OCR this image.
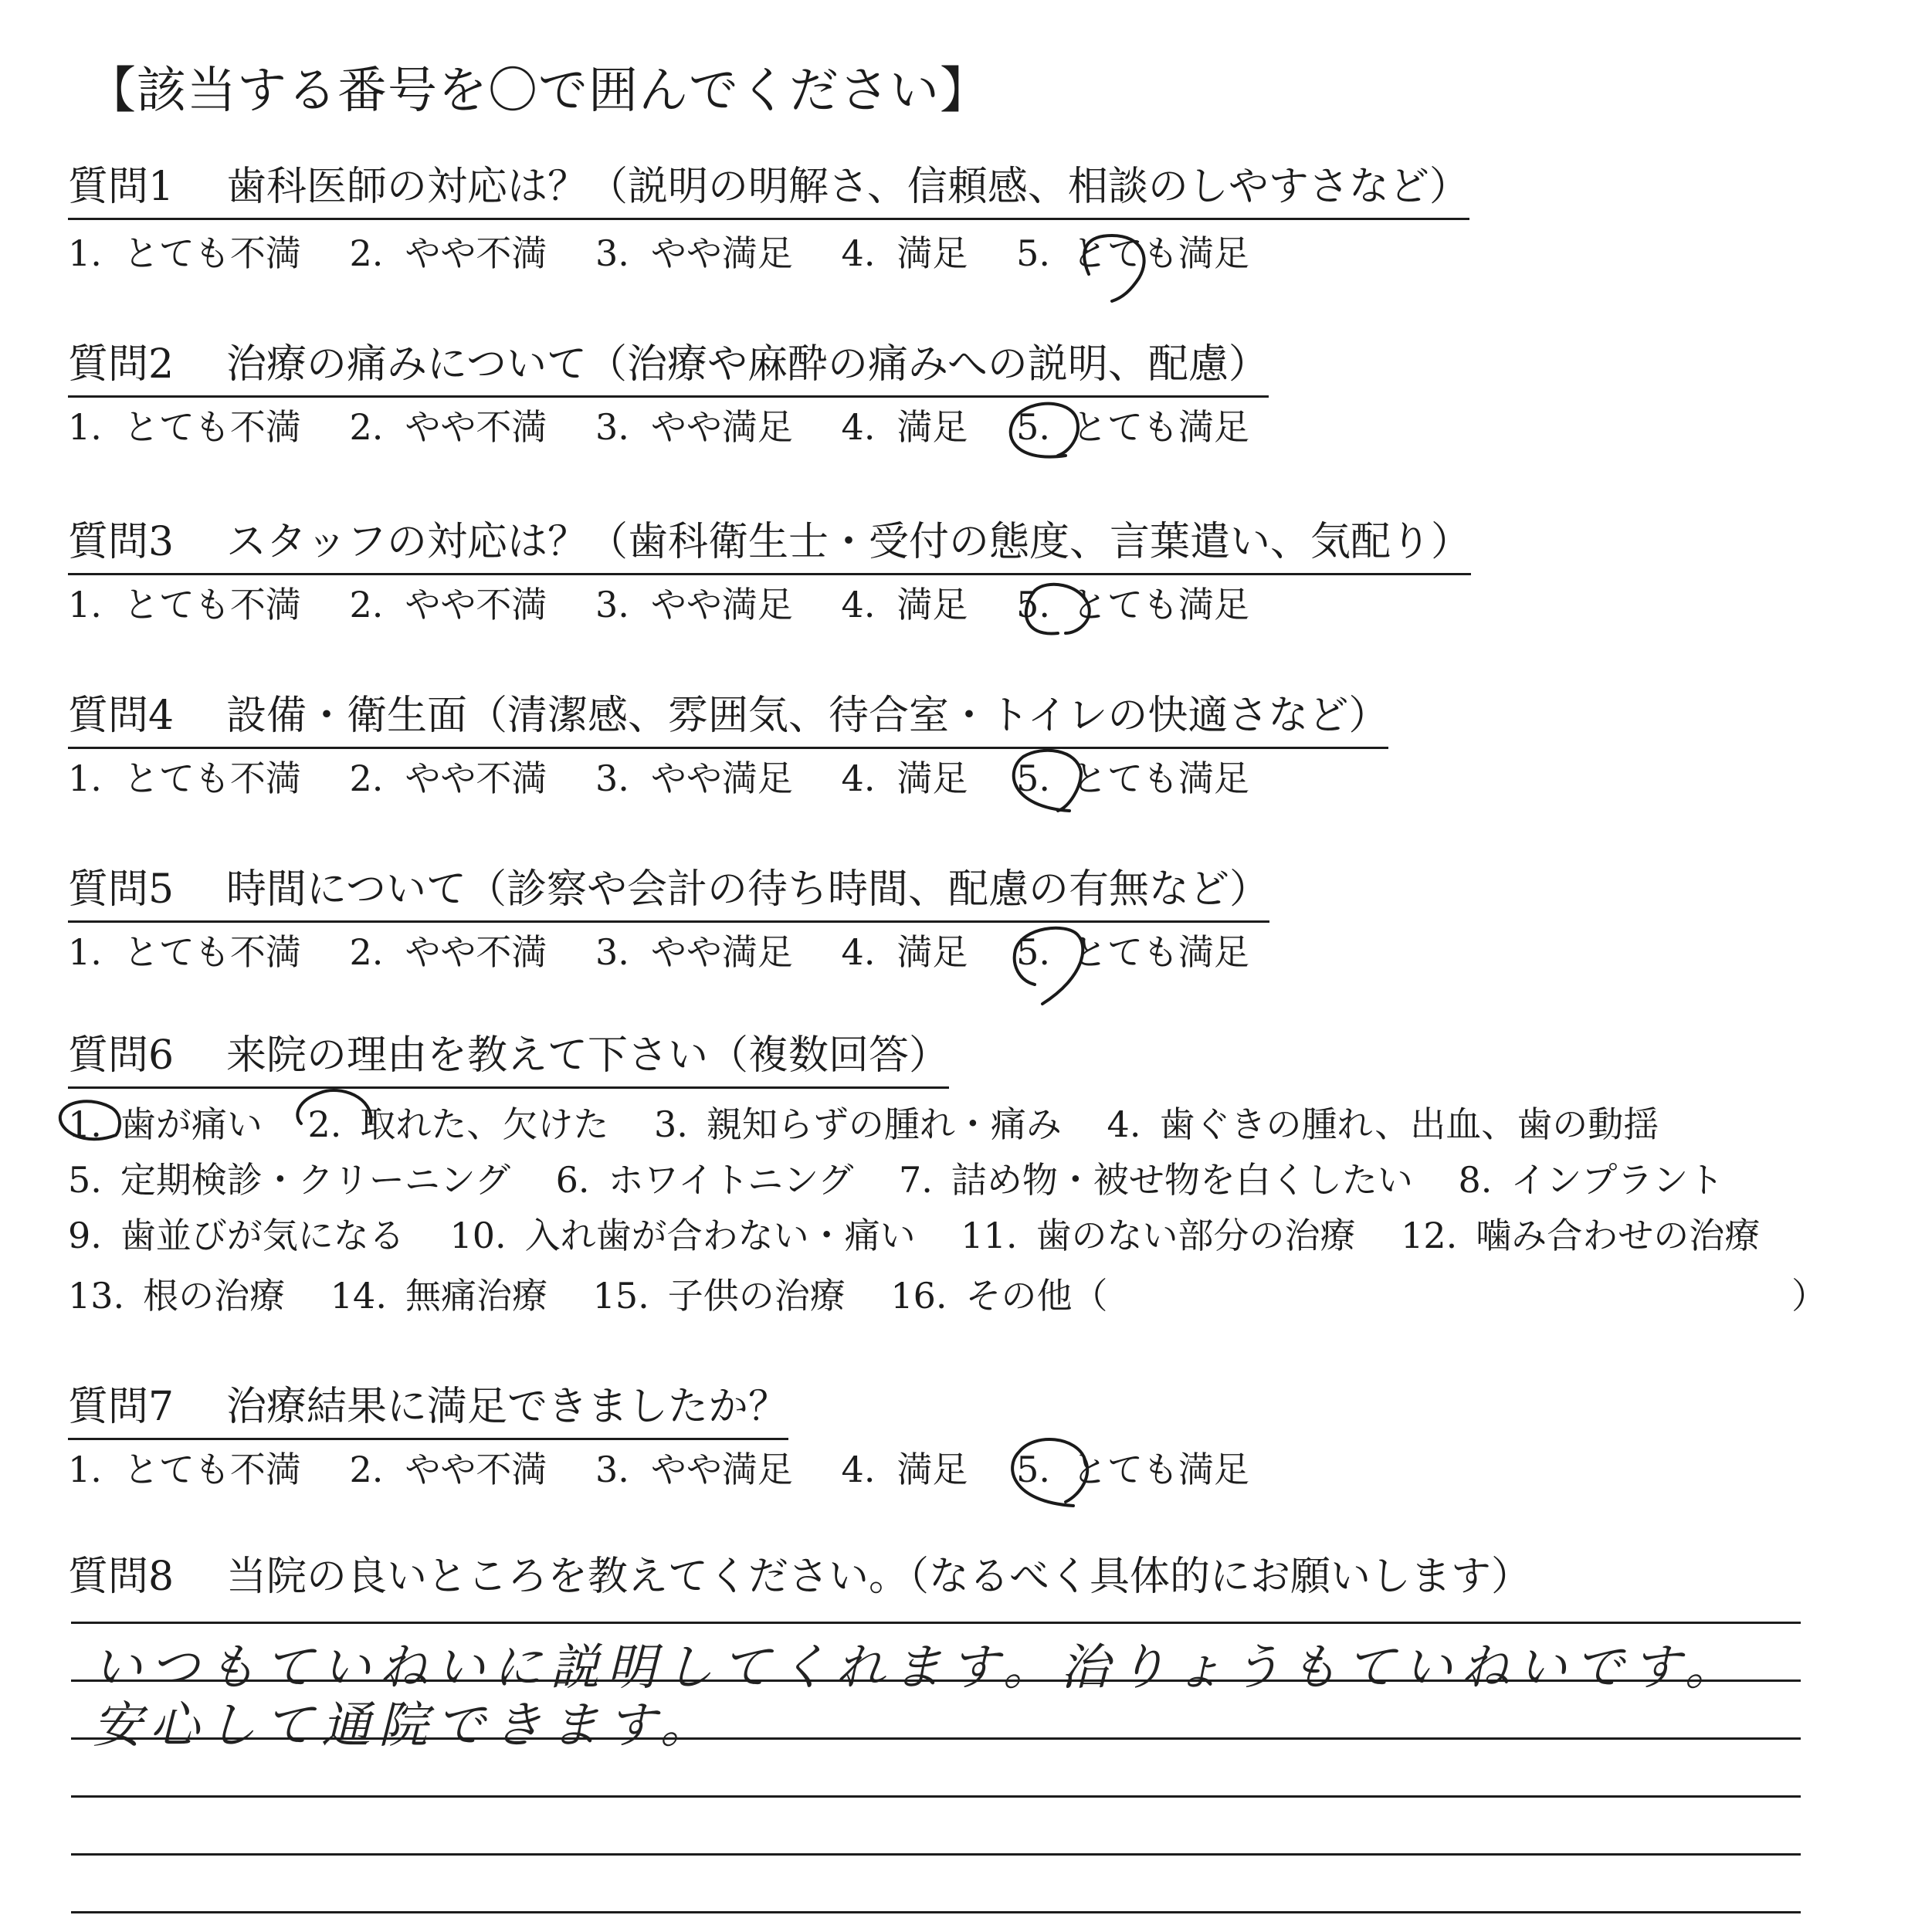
【該当する番号を〇で囲んでください】
質問1 歯科医師の対応は？（説明の明解さ、信頼感、相談のしやすさなど）
1. とても不満 2. やや不満 3. やや満足 4. 満足 5. とても満足
質問2 治療の痛みについて（治療や麻酔の痛みへの説明、配慮）
1. とても不満 2. やや不満 3. やや満足 4. 満足 5. とても満足
質問3 スタッフの対応は？（歯科衛生士・受付の態度、言葉遣い、気配り）
1. とても不満 2. やや不満 3. やや満足 4. 満足 5. とても満足
質問4 設備・衛生面（清潔感、雰囲気、待合室・トイレの快適さなど）
1. とても不満 2. やや不満 3. やや満足 4. 満足 5. とても満足
質問5 時間について（診察や会計の待ち時間、配慮の有無など）
1. とても不満 2. やや不満 3. やや満足 4. 満足 5. とても満足
質問6 来院の理由を教えて下さい（複数回答）
1. 歯が痛い 2. 取れた、欠けた 3. 親知らずの腫れ・痛み 4. 歯ぐきの腫れ、出血、歯の動揺
5. 定期検診・クリーニング 6. ホワイトニング 7. 詰め物・被せ物を白くしたい 8. インプラント
9. 歯並びが気になる 10. 入れ歯が合わない・痛い 11. 歯のない部分の治療 12. 噛み合わせの治療
13. 根の治療 14. 無痛治療 15. 子供の治療 16. その他（	）
質問7 治療結果に満足できましたか？
1. とても不満 2. やや不満 3. やや満足 4. 満足 5. とても満足
質問8 当院の良いところを教えてください。（なるべく具体的にお願いします）
いつもていねいに説明してくれます。治りょうもていねいです。
安心して通院できます。
